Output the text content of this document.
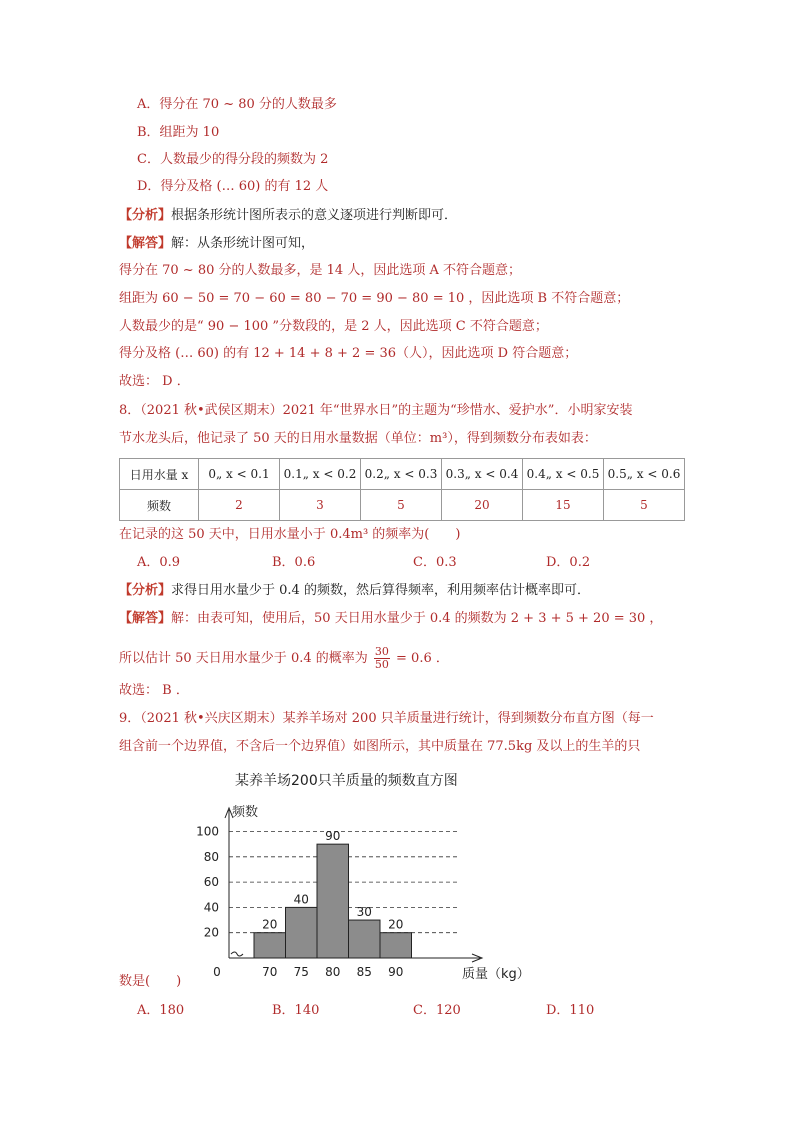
A．得分在 70 ~ 80 分的人数最多
B．组距为 10
C．人数最少的得分段的频数为 2
D．得分及格 (… 60) 的有 12 人
【分析】根据条形统计图所表示的意义逐项进行判断即可．
【解答】解：从条形统计图可知，
得分在 70 ~ 80 分的人数最多，是 14 人，因此选项 A 不符合题意；
组距为 60 − 50 = 70 − 60 = 80 − 70 = 90 − 80 = 10 ，因此选项 B 不符合题意；
人数最少的是“ 90 − 100 ”分数段的，是 2 人，因此选项 C 不符合题意；
得分及格 (… 60) 的有 12 + 14 + 8 + 2 = 36（人），因此选项 D 符合题意；
故选： D ．
8．（2021 秋•武侯区期末）2021 年“世界水日”的主题为“珍惜水、爱护水”．小明家安装
节水龙头后，他记录了 50 天的日用水量数据（单位：m³），得到频数分布表如表：
日用水量 x	0„ x < 0.1	0.1„ x < 0.2	0.2„ x < 0.3	0.3„ x < 0.4	0.4„ x < 0.5	0.5„ x < 0.6
频数	2	3	5	20	15	5
在记录的这 50 天中，日用水量小于 0.4m³ 的频率为(　　)
A．0.9	B．0.6	C．0.3	D．0.2
【分析】求得日用水量少于 0.4 的频数，然后算得频率，利用频率估计概率即可．
【解答】解：由表可知，使用后，50 天日用水量少于 0.4 的频数为 2 + 3 + 5 + 20 = 30 ，
所以估计 50 天日用水量少于 0.4 的概率为 $\frac{30}{50} = 0.6$ ．
故选： B ．
9．（2021 秋•兴庆区期末）某养羊场对 200 只羊质量进行统计，得到频数分布直方图（每一
组含前一个边界值，不含后一个边界值）如图所示，其中质量在 77.5kg 及以上的生羊的只
某养羊场200只羊质量的频数直方图
20
40
60
80
100
20
40
90
30
20
70 75 80 85 90
0
频数
质量（kg）
数是(　　)
A．180	B．140	C．120	D．110
